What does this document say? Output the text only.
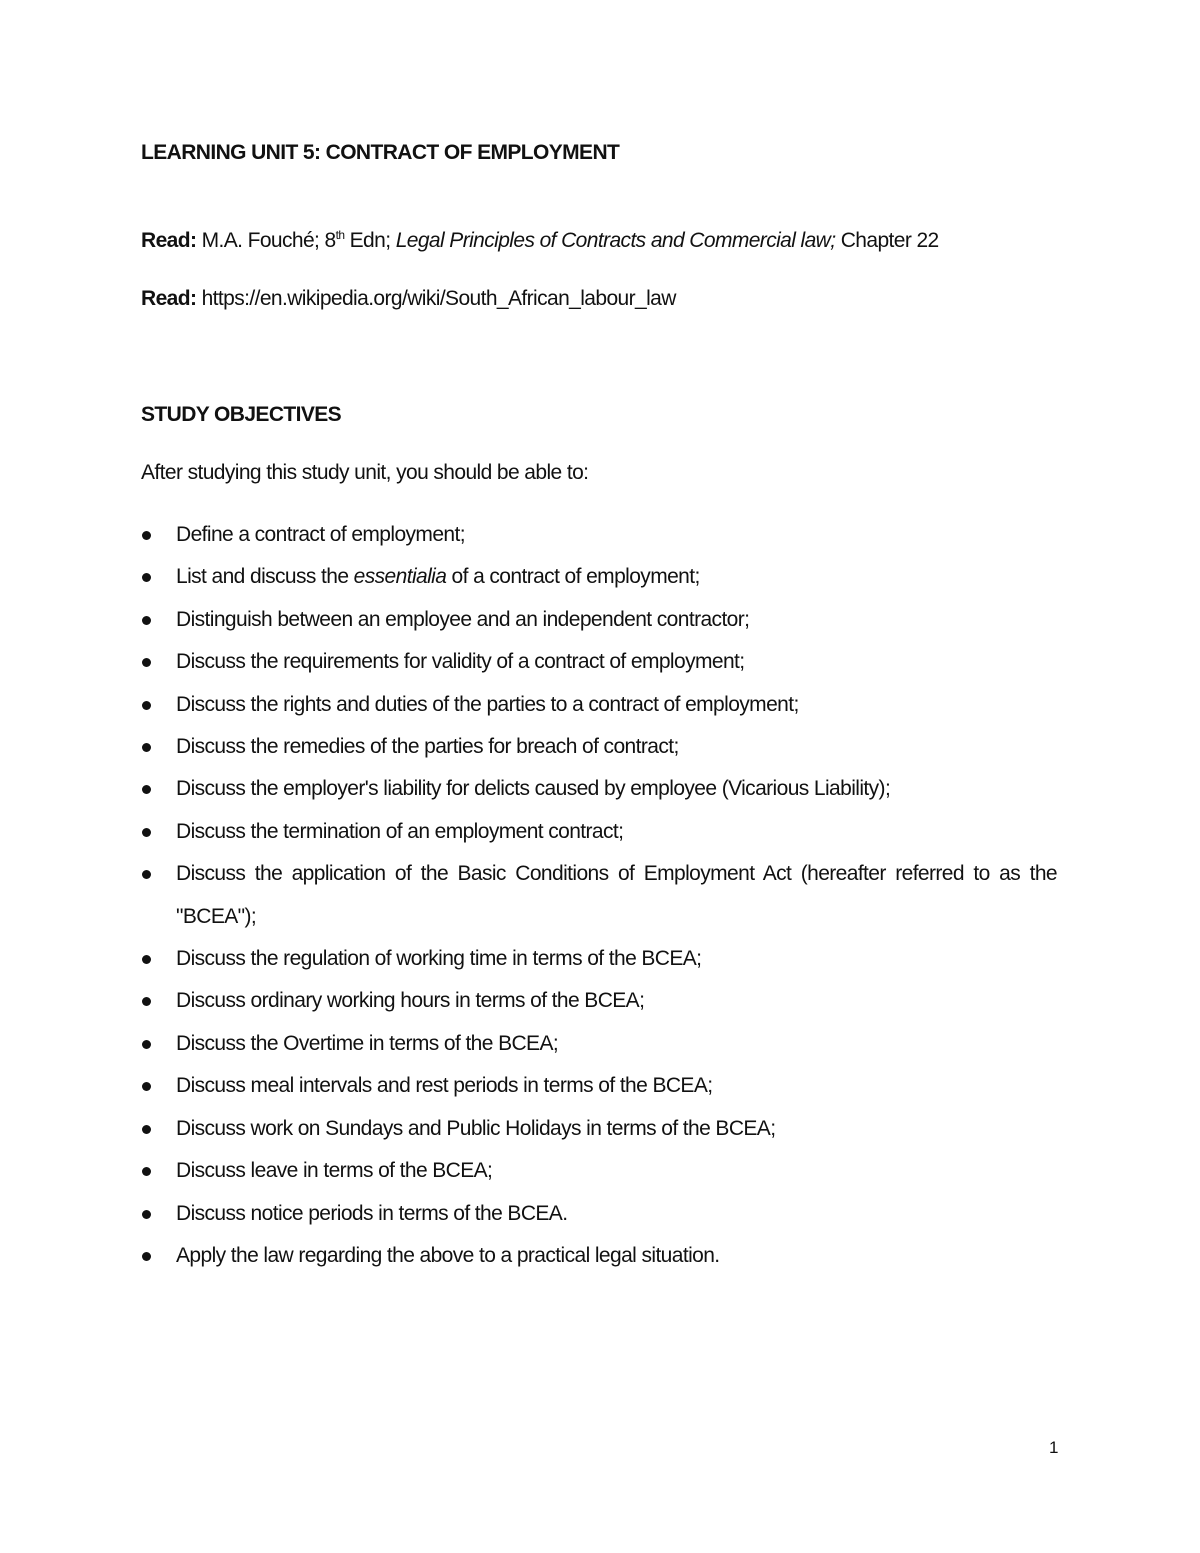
LEARNING UNIT 5: CONTRACT OF EMPLOYMENT

Read: M.A. Fouché; 8th Edn; Legal Principles of Contracts and Commercial law; Chapter 22

Read: https://en.wikipedia.org/wiki/South_African_labour_law

STUDY OBJECTIVES

After studying this study unit, you should be able to:

Define a contract of employment;
List and discuss the essentialia of a contract of employment;
Distinguish between an employee and an independent contractor;
Discuss the requirements for validity of a contract of employment;
Discuss the rights and duties of the parties to a contract of employment;
Discuss the remedies of the parties for breach of contract;
Discuss the employer's liability for delicts caused by employee (Vicarious Liability);
Discuss the termination of an employment contract;
Discuss the application of the Basic Conditions of Employment Act (hereafter referred to as the "BCEA");
Discuss the regulation of working time in terms of the BCEA;
Discuss ordinary working hours in terms of the BCEA;
Discuss the Overtime in terms of the BCEA;
Discuss meal intervals and rest periods in terms of the BCEA;
Discuss work on Sundays and Public Holidays in terms of the BCEA;
Discuss leave in terms of the BCEA;
Discuss notice periods in terms of the BCEA.
Apply the law regarding the above to a practical legal situation.

1
